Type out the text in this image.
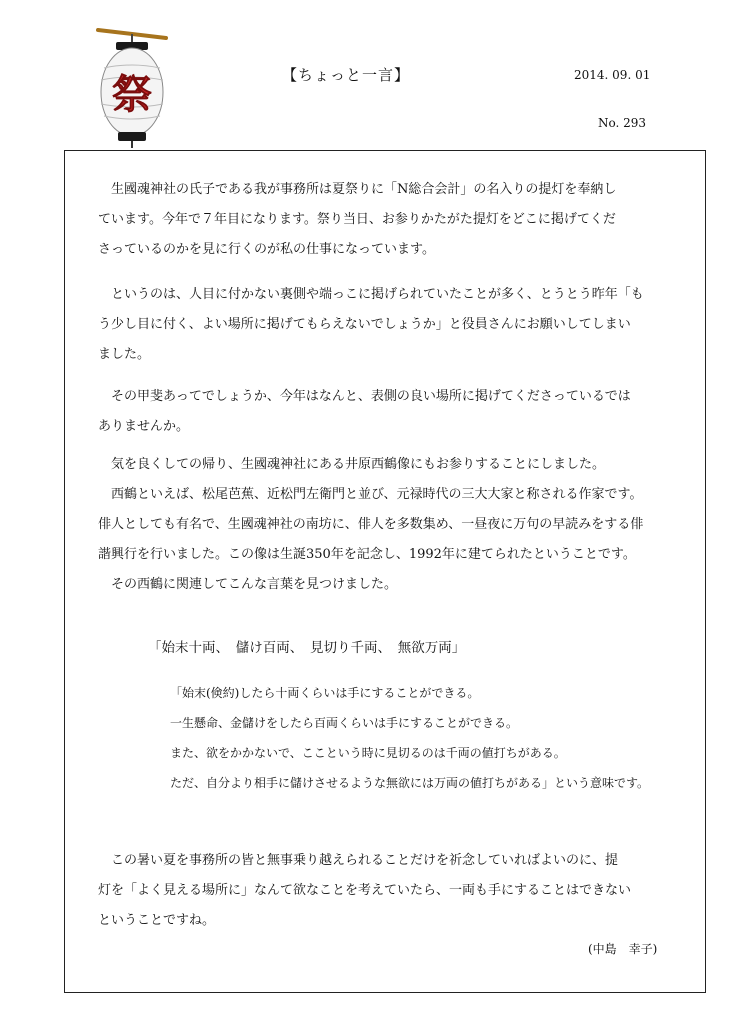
祭	【ちょっと一言】	2014. 09. 01
No. 293
　生國魂神社の氏子である我が事務所は夏祭りに「N総合会計」の名入りの提灯を奉納し
ています。今年で７年目になります。祭り当日、お参りかたがた提灯をどこに掲げてくだ
さっているのかを見に行くのが私の仕事になっています。
　というのは、人目に付かない裏側や端っこに掲げられていたことが多く、とうとう昨年「も
う少し目に付く、よい場所に掲げてもらえないでしょうか」と役員さんにお願いしてしまい
ました。
　その甲斐あってでしょうか、今年はなんと、表側の良い場所に掲げてくださっているでは
ありませんか。
　気を良くしての帰り、生國魂神社にある井原西鶴像にもお参りすることにしました。
　西鶴といえば、松尾芭蕉、近松門左衛門と並び、元禄時代の三大大家と称される作家です。
俳人としても有名で、生國魂神社の南坊に、俳人を多数集め、一昼夜に万句の早読みをする俳
諧興行を行いました。この像は生誕350年を記念し、1992年に建てられたということです。
　その西鶴に関連してこんな言葉を見つけました。
「始末十両、　儲け百両、　見切り千両、　無欲万両」
「始末(倹約)したら十両くらいは手にすることができる。
一生懸命、金儲けをしたら百両くらいは手にすることができる。
また、欲をかかないで、ここという時に見切るのは千両の値打ちがある。
ただ、自分より相手に儲けさせるような無欲には万両の値打ちがある」という意味です。
　この暑い夏を事務所の皆と無事乗り越えられることだけを祈念していればよいのに、提
灯を「よく見える場所に」なんて欲なことを考えていたら、一両も手にすることはできない
ということですね。
(中島　幸子)
